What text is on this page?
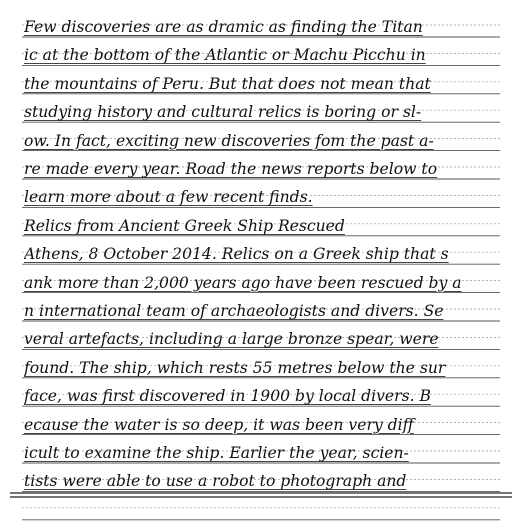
Few discoveries are as dramic as finding the Titan
ic at the bottom of the Atlantic or Machu Picchu in
the mountains of Peru. But that does not mean that
studying history and cultural relics is boring or sl-
ow. In fact, exciting new discoveries fom the past a-
re made every year. Road the news reports below to
learn more about a few recent finds.
Relics from Ancient Greek Ship Rescued
Athens, 8 October 2014. Relics on a Greek ship that s
ank more than 2,000 years ago have been rescued by a
n international team of archaeologists and divers. Se
veral artefacts, including a large bronze spear, were
found. The ship, which rests 55 metres below the sur
face, was first discovered in 1900 by local divers. B
ecause the water is so deep, it was been very diff
icult to examine the ship. Earlier the year, scien-
tists were able to use a robot to photograph and
